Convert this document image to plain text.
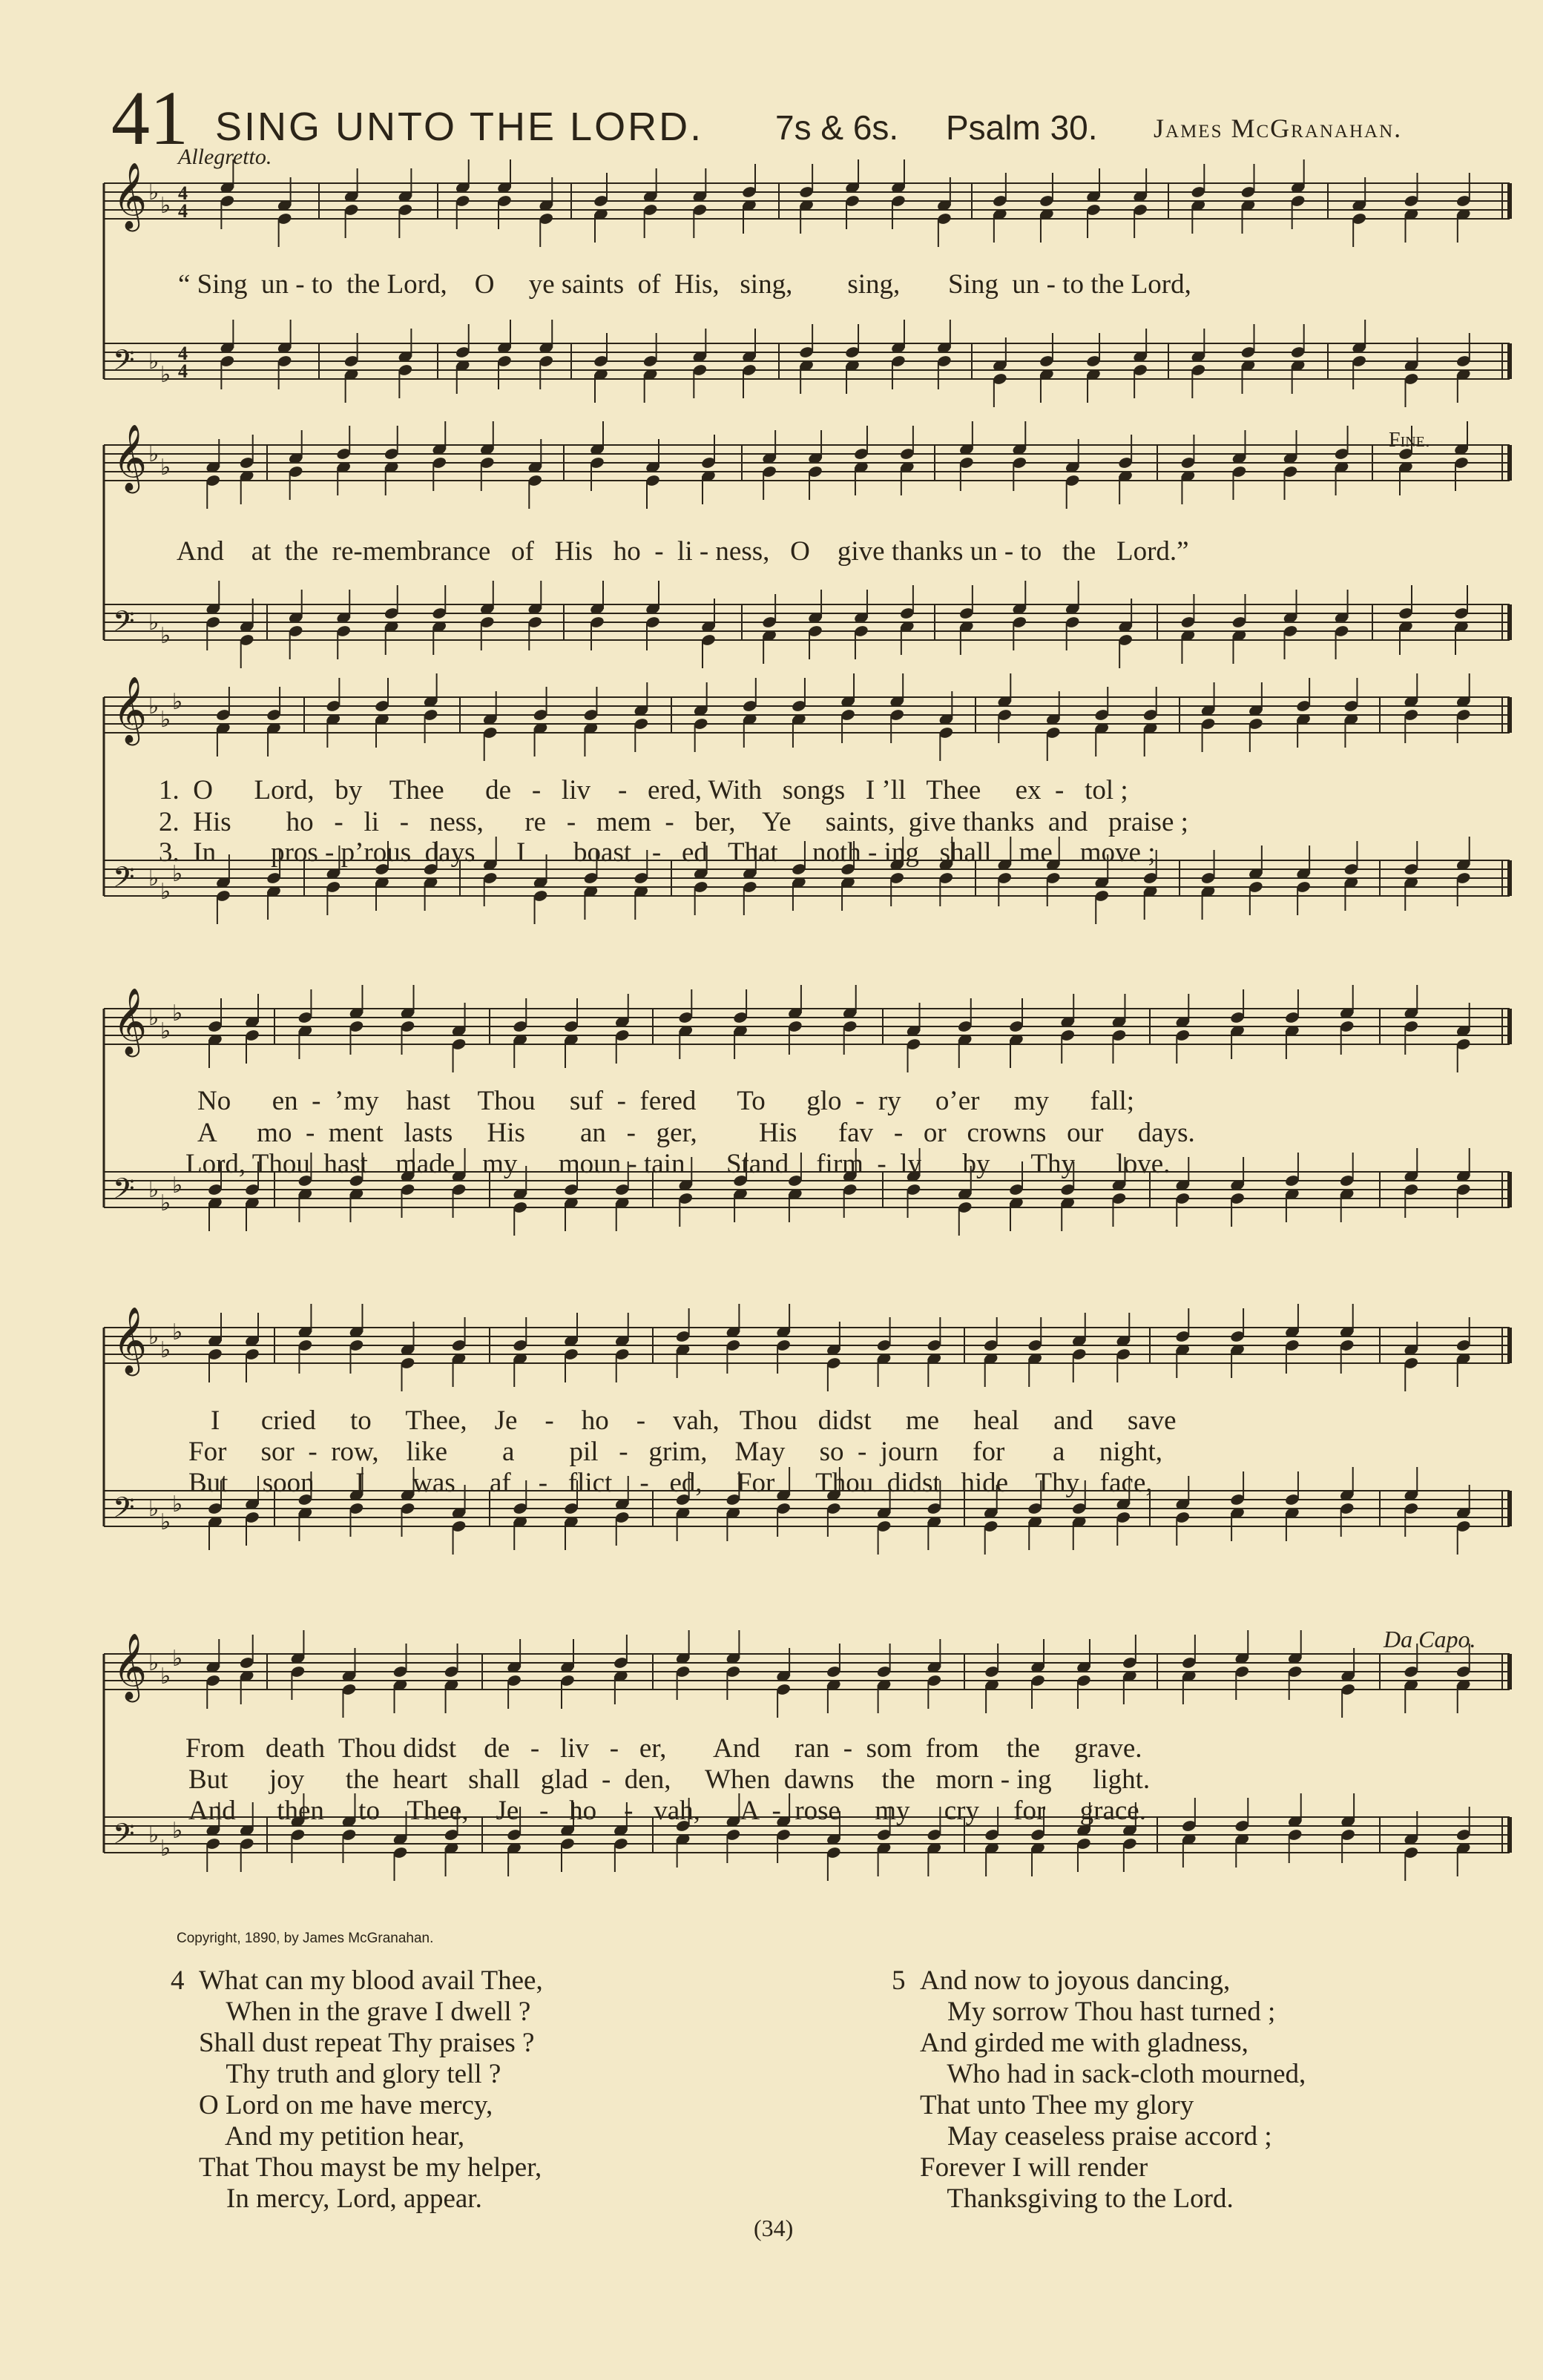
𝄞 ♭
♭
𝄢 ♭
♭
𝄞 ♭
♭
𝄢 ♭
♭
𝄞 ♭
♭
♭
𝄢 ♭
♭
♭
𝄞 ♭
♭
♭
𝄢 ♭
♭
♭
𝄞 ♭
♭
♭
𝄢 ♭
♭
♭
𝄞 ♭
♭
♭
𝄢 ♭
♭
♭
4
4
4
4
41 SING UNTO THE LORD. 7s & 6s. Psalm 30. James McGranahan.
Allegretto.
Fine.
Da Capo.
“ Sing  un - to  the Lord,    O     ye saints  of  His,   sing,        sing,       Sing  un - to the Lord,
And    at  the  re-membrance   of   His   ho  -  li - ness,   O    give thanks un - to   the   Lord.”
1.  O      Lord,   by    Thee      de   -   liv    -   ered, With   songs   I ’ll   Thee     ex  -   tol ;
2.  His        ho   -   li   -   ness,      re   -   mem  -   ber,    Ye     saints,  give thanks  and   praise ;
3.  In        pros - p’rous  days      I       boast   -   ed   That     noth - ing   shall    me    move ;
No      en  -  ’my    hast    Thou     suf  -  fered      To      glo  -  ry     o’er     my      fall;
A      mo  -  ment   lasts     His        an   -   ger,         His      fav   -   or   crowns   our     days.
Lord, Thou  hast    made    my      moun - tain      Stand    firm  -  ly      by      Thy      love.
I      cried     to     Thee,    Je    -    ho    -    vah,   Thou   didst     me     heal     and     save
For     sor  -  row,    like        a        pil   -   grim,    May     so  -  journ     for       a     night,
But     soon      I       was     af    -   flict    -   ed,     For      Thou  didst   hide    Thy   face,
From   death  Thou didst    de   -   liv   -   er,       And     ran  -  som  from    the     grave.
But      joy      the  heart   shall   glad  -  den,     When  dawns    the   morn - ing      light.
And      then     to    Thee,    Je   -   ho    -   vah,      A  -  rose     my     cry     for     grace.
Copyright, 1890, by James McGranahan.
4 What can my blood avail Thee,
When in the grave I dwell ?
Shall dust repeat Thy praises ?
Thy truth and glory tell ?
O Lord on me have mercy,
And my petition hear,
That Thou mayst be my helper,
In mercy, Lord, appear.
5 And now to joyous dancing,
My sorrow Thou hast turned ;
And girded me with gladness,
Who had in sack-cloth mourned,
That unto Thee my glory
May ceaseless praise accord ;
Forever I will render
Thanksgiving to the Lord.
(34)
